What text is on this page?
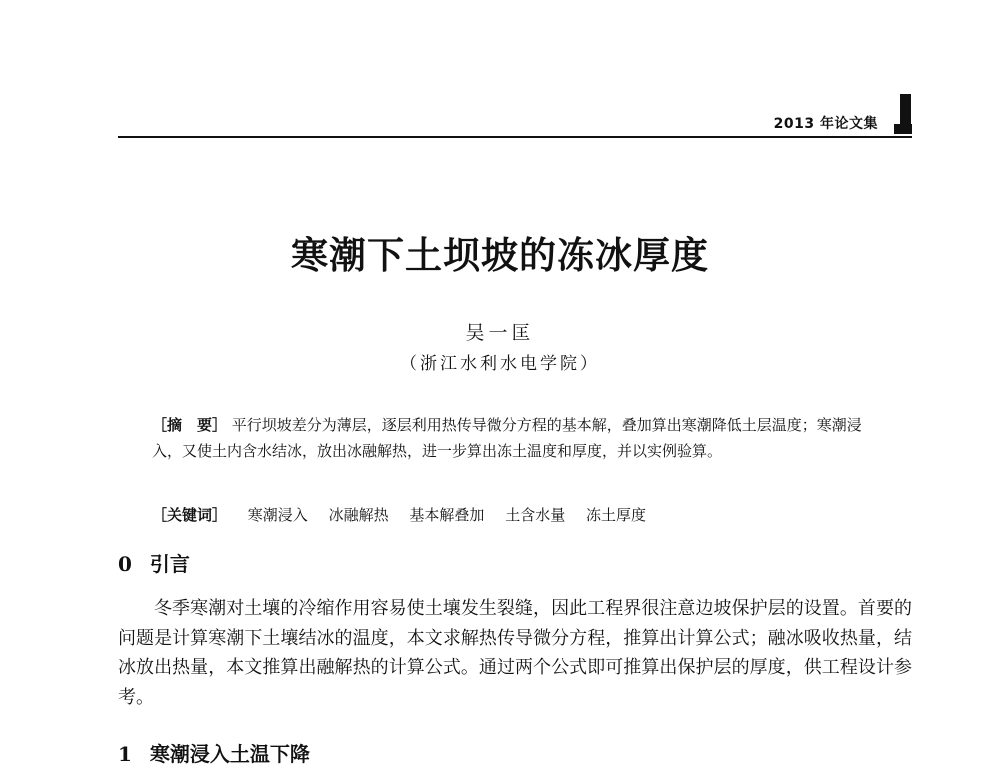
2013 年论文集
寒潮下土坝坡的冻冰厚度
吴一匡
（浙江水利水电学院）
［摘　要］ 平行坝坡差分为薄层，逐层利用热传导微分方程的基本解，叠加算出寒潮降低土层温度；寒潮浸入，又使土内含水结冰，放出冰融解热，进一步算出冻土温度和厚度，并以实例验算。
［关键词］ 寒潮浸入 冰融解热 基本解叠加 土含水量 冻土厚度
0 引言
冬季寒潮对土壤的冷缩作用容易使土壤发生裂缝，因此工程界很注意边坡保护层的设置。首要的问题是计算寒潮下土壤结冰的温度，本文求解热传导微分方程，推算出计算公式；融冰吸收热量，结冰放出热量，本文推算出融解热的计算公式。通过两个公式即可推算出保护层的厚度，供工程设计参考。
1 寒潮浸入土温下降
